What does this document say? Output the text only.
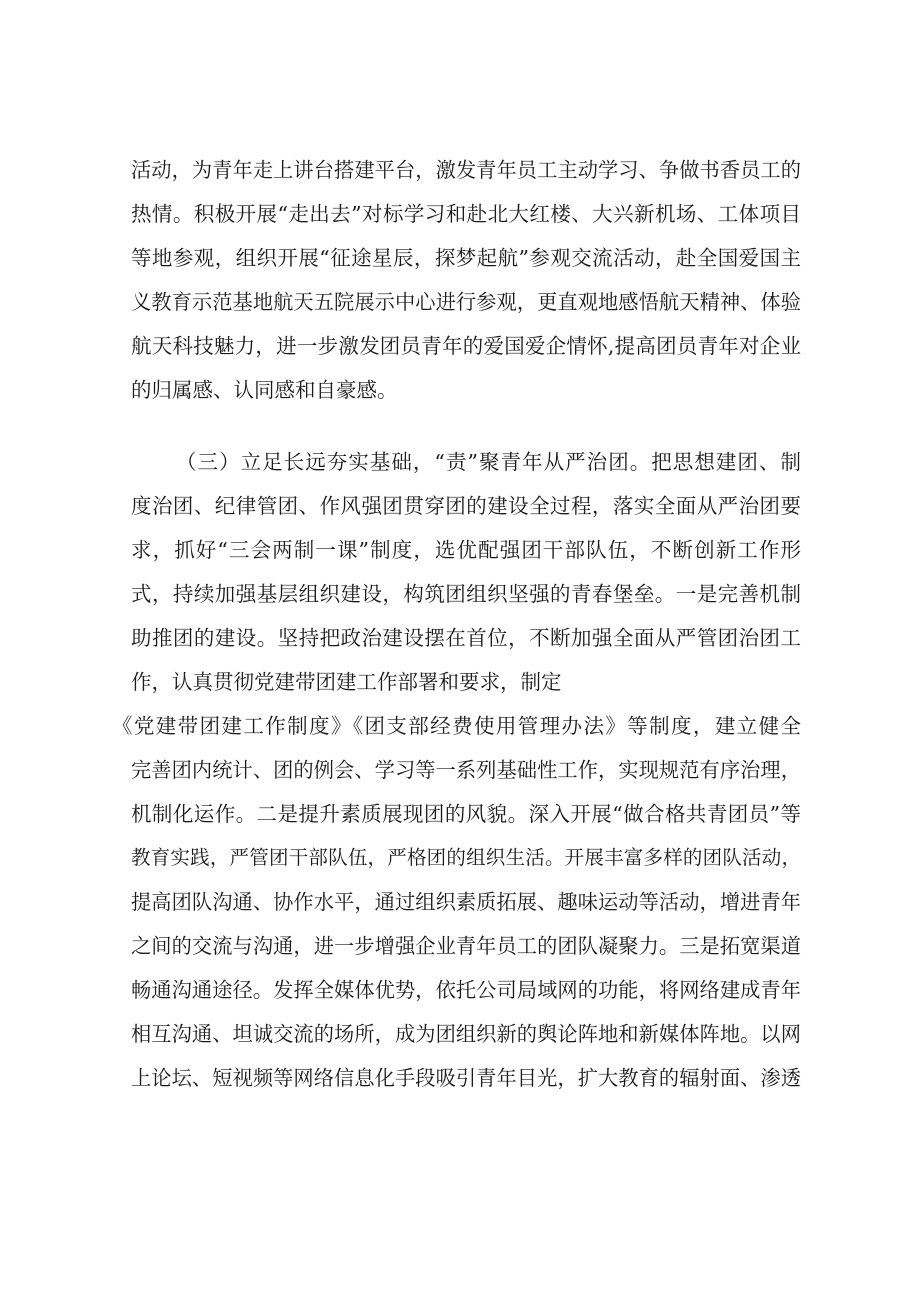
活动，为青年走上讲台搭建平台，激发青年员工主动学习、争做书香员工的
热情。积极开展“走出去”对标学习和赴北大红楼、大兴新机场、工体项目
等地参观，组织开展“征途星辰，探梦起航”参观交流活动，赴全国爱国主
义教育示范基地航天五院展示中心进行参观，更直观地感悟航天精神、体验
航天科技魅力，进一步激发团员青年的爱国爱企情怀,提高团员青年对企业
的归属感、认同感和自豪感。
（三）立足长远夯实基础，“责”聚青年从严治团。把思想建团、制
度治团、纪律管团、作风强团贯穿团的建设全过程，落实全面从严治团要
求，抓好“三会两制一课”制度，选优配强团干部队伍，不断创新工作形
式，持续加强基层组织建设，构筑团组织坚强的青春堡垒。一是完善机制
助推团的建设。坚持把政治建设摆在首位，不断加强全面从严管团治团工
作，认真贯彻党建带团建工作部署和要求，制定
《党建带团建工作制度》《团支部经费使用管理办法》等制度，建立健全
完善团内统计、团的例会、学习等一系列基础性工作，实现规范有序治理，
机制化运作。二是提升素质展现团的风貌。深入开展“做合格共青团员”等
教育实践，严管团干部队伍，严格团的组织生活。开展丰富多样的团队活动，
提高团队沟通、协作水平，通过组织素质拓展、趣味运动等活动，增进青年
之间的交流与沟通，进一步增强企业青年员工的团队凝聚力。三是拓宽渠道
畅通沟通途径。发挥全媒体优势，依托公司局域网的功能，将网络建成青年
相互沟通、坦诚交流的场所，成为团组织新的舆论阵地和新媒体阵地。以网
上论坛、短视频等网络信息化手段吸引青年目光，扩大教育的辐射面、渗透
